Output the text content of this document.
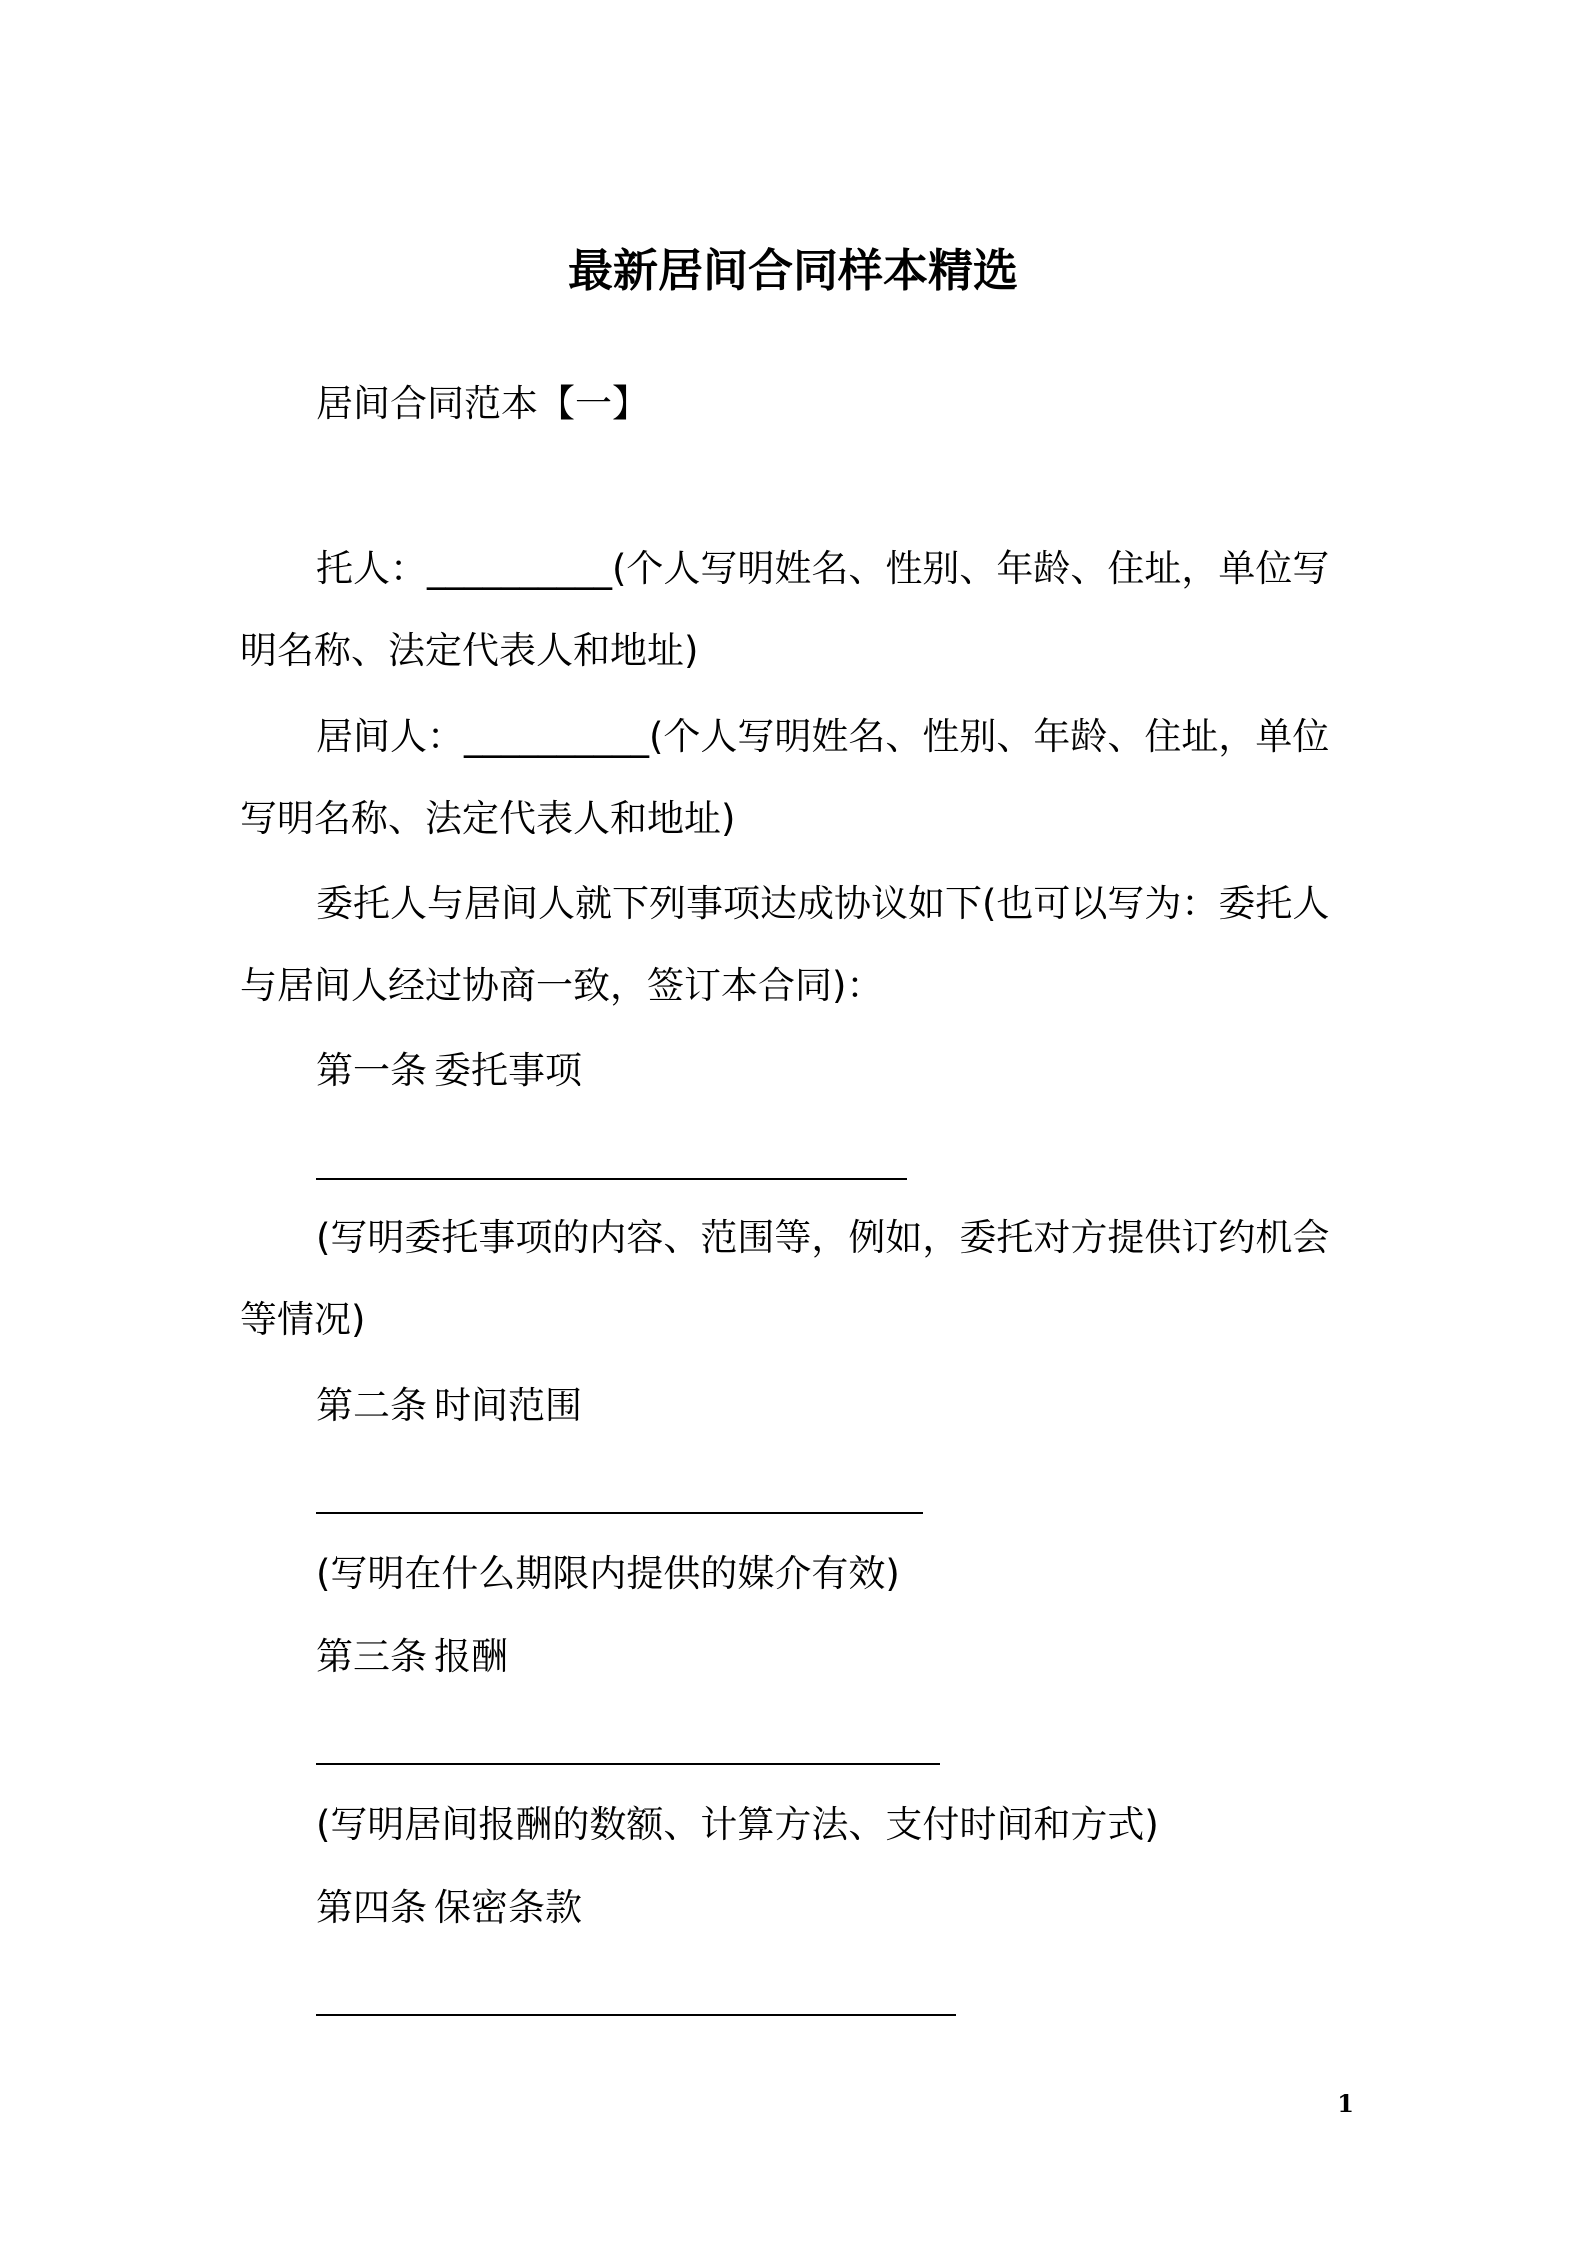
最新居间合同样本精选
居间合同范本【一】
托人：__________(个人写明姓名、性别、年龄、住址，单位写
明名称、法定代表人和地址)
居间人：__________(个人写明姓名、性别、年龄、住址，单位
写明名称、法定代表人和地址)
委托人与居间人就下列事项达成协议如下(也可以写为：委托人
与居间人经过协商一致，签订本合同)：
第一条 委托事项
(写明委托事项的内容、范围等，例如，委托对方提供订约机会
等情况)
第二条 时间范围
(写明在什么期限内提供的媒介有效)
第三条 报酬
(写明居间报酬的数额、计算方法、支付时间和方式)
第四条 保密条款
1
